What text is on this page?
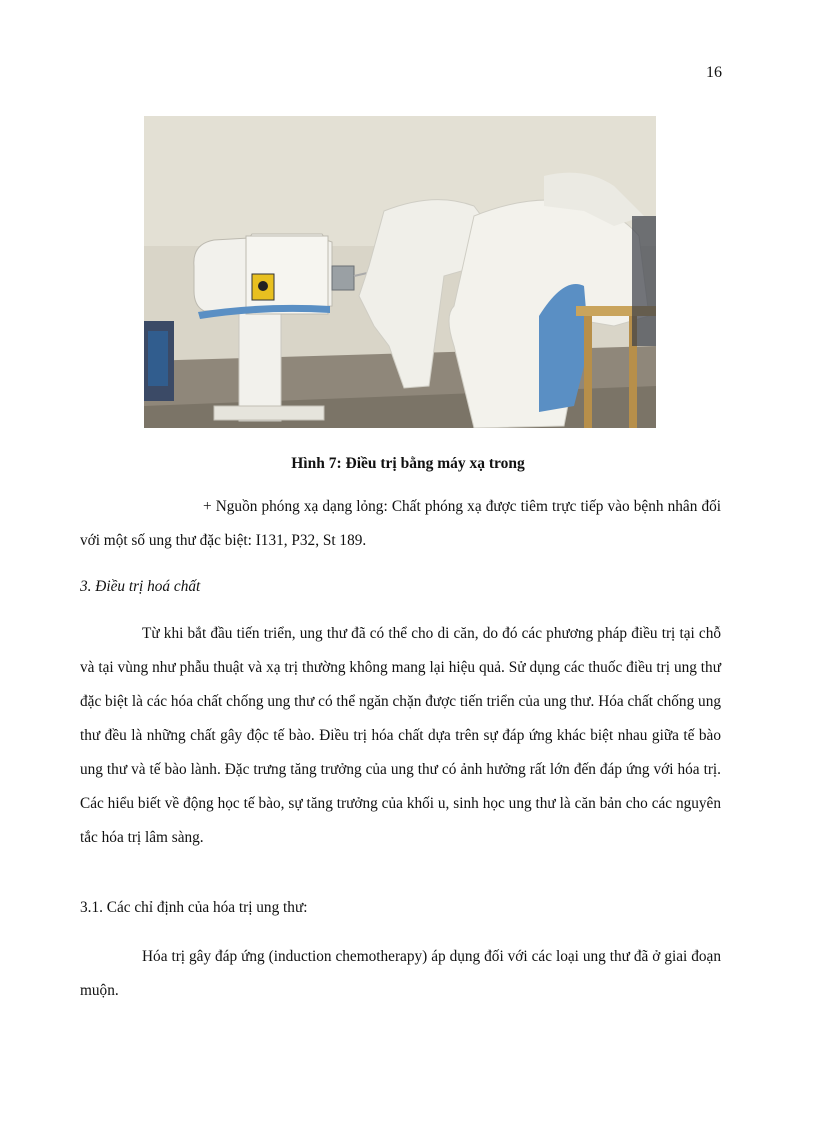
16
Hình 7: Điều trị bằng máy xạ trong

+ Nguồn phóng xạ dạng lỏng: Chất phóng xạ được tiêm trực tiếp vào bệnh nhân đối với một số ung thư đặc biệt: I131, P32, St 189.

3. Điều trị hoá chất

Từ khi bắt đầu tiến triển, ung thư đã có thể cho di căn, do đó các phương pháp điều trị tại chỗ và tại vùng như phẫu thuật và xạ trị thường không mang lại hiệu quả. Sử dụng các thuốc điều trị ung thư đặc biệt là các hóa chất chống ung thư có thể ngăn chặn được tiến triển của ung thư. Hóa chất chống ung thư đều là những chất gây độc tế bào. Điều trị hóa chất dựa trên sự đáp ứng khác biệt nhau giữa tế bào ung thư và tế bào lành. Đặc trưng tăng trưởng của ung thư có ảnh hưởng rất lớn đến đáp ứng với hóa trị. Các hiểu biết về động học tế bào, sự tăng trưởng của khối u, sinh học ung thư là căn bản cho các nguyên tắc hóa trị lâm sàng.

3.1. Các chỉ định của hóa trị ung thư:

Hóa trị gây đáp ứng (induction chemotherapy) áp dụng đối với các loại ung thư đã ở giai đoạn muộn.
